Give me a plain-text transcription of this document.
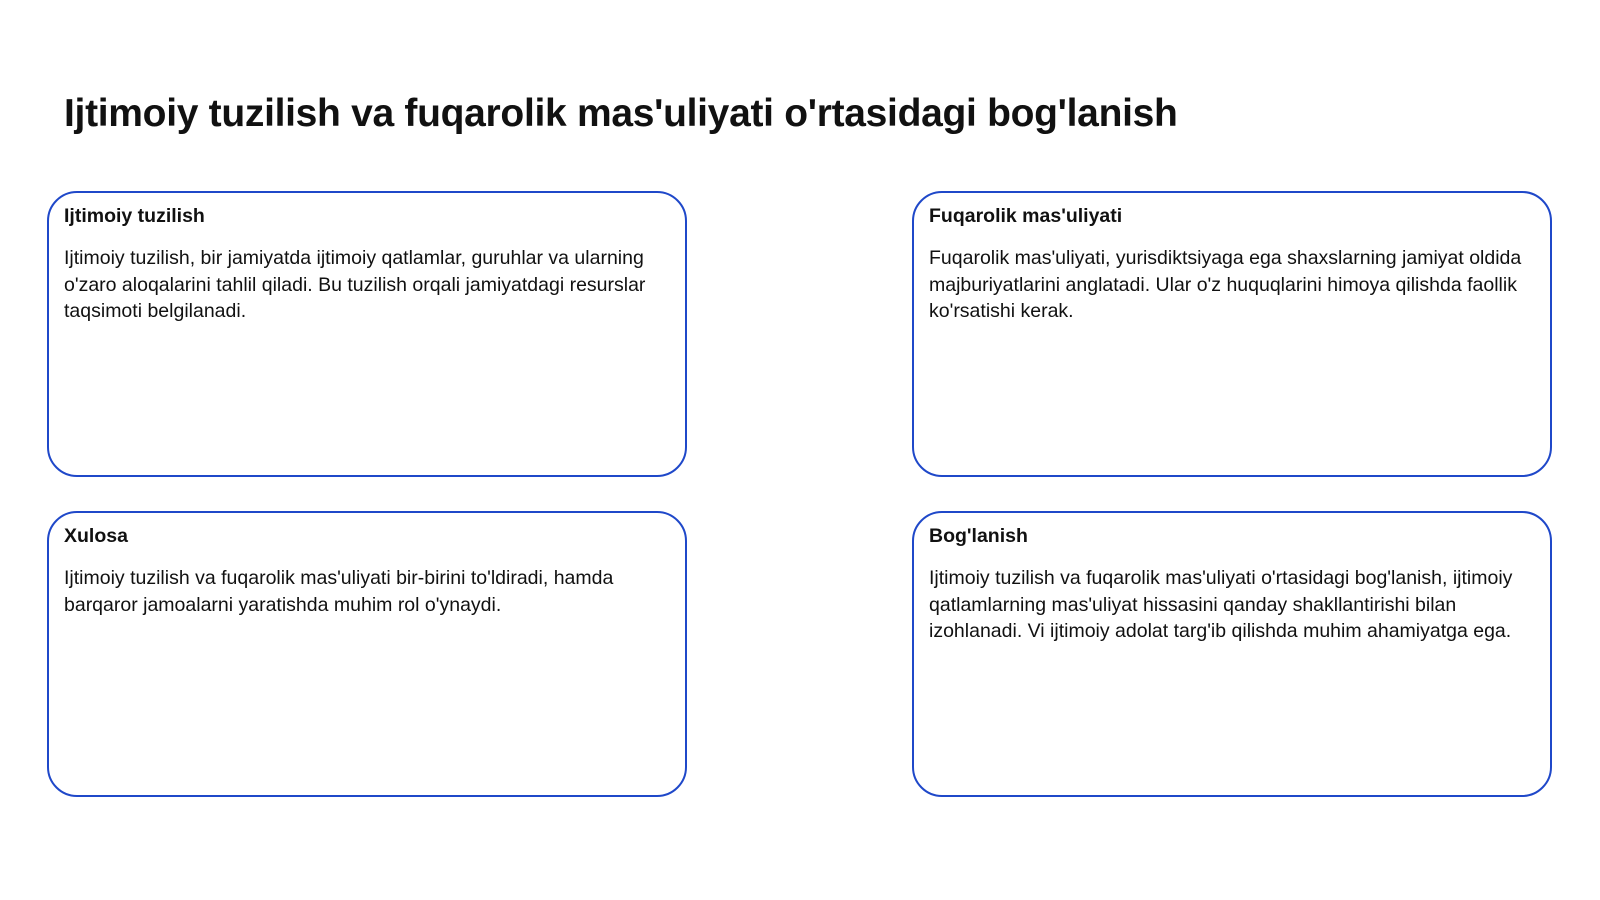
Ijtimoiy tuzilish va fuqarolik mas'uliyati o'rtasidagi bog'lanish
Ijtimoiy tuzilish

Ijtimoiy tuzilish, bir jamiyatda ijtimoiy qatlamlar, guruhlar va ularning o'zaro aloqalarini tahlil qiladi. Bu tuzilish orqali jamiyatdagi resurslar taqsimoti belgilanadi.

Fuqarolik mas'uliyati

Fuqarolik mas'uliyati, yurisdiktsiyaga ega shaxslarning jamiyat oldida majburiyatlarini anglatadi. Ular o'z huquqlarini himoya qilishda faollik ko'rsatishi kerak.

Xulosa

Ijtimoiy tuzilish va fuqarolik mas'uliyati bir-birini to'ldiradi, hamda barqaror jamoalarni yaratishda muhim rol o'ynaydi.

Bog'lanish

Ijtimoiy tuzilish va fuqarolik mas'uliyati o'rtasidagi bog'lanish, ijtimoiy qatlamlarning mas'uliyat hissasini qanday shakllantirishi bilan izohlanadi. Vi ijtimoiy adolat targ'ib qilishda muhim ahamiyatga ega.
